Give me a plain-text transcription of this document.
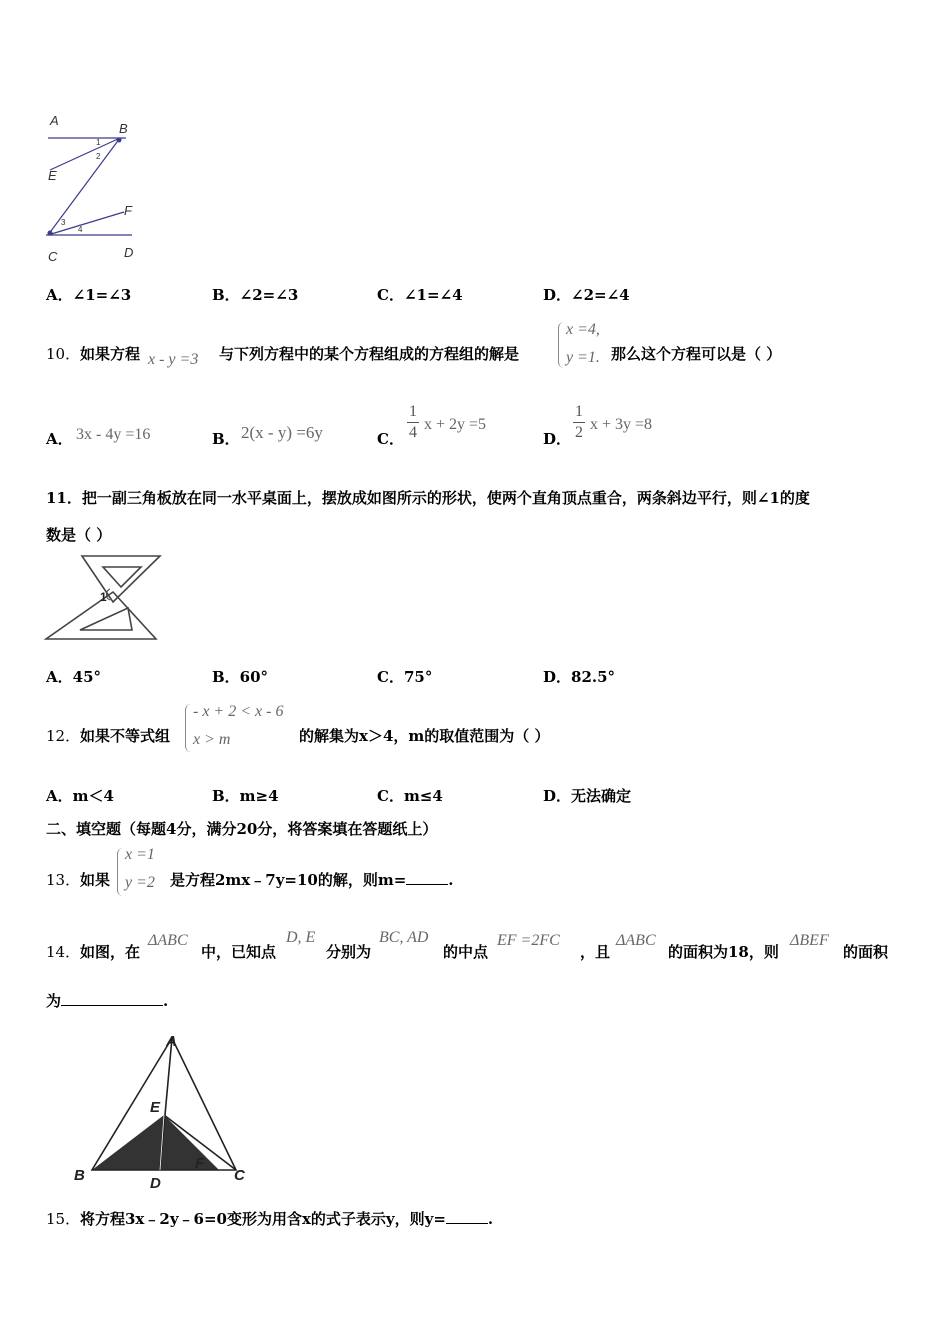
A
B
E
C	D
F
1
2
3
4
A．∠1=∠3	B．∠2=∠3	C．∠1=∠4	D．∠2=∠4
10． 如果方程 x - y =3 与下列方程中的某个方程组成的方程组的解是
x =4,
y =1. 那么这个方程可以是（ ）
A． 3x - 4y =16	B． 2(x - y) =6y	C．
1
4 x + 2y =5
D．
1
2 x + 3y =8
11．把一副三角板放在同一水平桌面上，摆放成如图所示的形状，使两个直角顶点重合，两条斜边平行，则∠1的度
数是（ ）
1
A．45°	B．60°	C．75°	D．82.5°
12． 如果不等式组
- x + 2 < x - 6
x > m	的解集为x＞4，m的取值范围为（ ）
A．m＜4	B．m≥4	C．m≤4	D．无法确定
二、填空题（每题4分，满分20分，将答案填在答题纸上）
13． 如果
x =1
y =2 是方程2mx﹣7y=10的解，则m=	.
14． 如图，在
ΔABC
中，已知点
D, E
分别为
BC, AD
的中点
EF =2FC
，且
ΔABC
的面积为18，则
ΔBEF
的面积
为	.
A
E
B	C
D
F
15． 将方程3x﹣2y﹣6=0变形为用含x的式子表示y，则y=	.
